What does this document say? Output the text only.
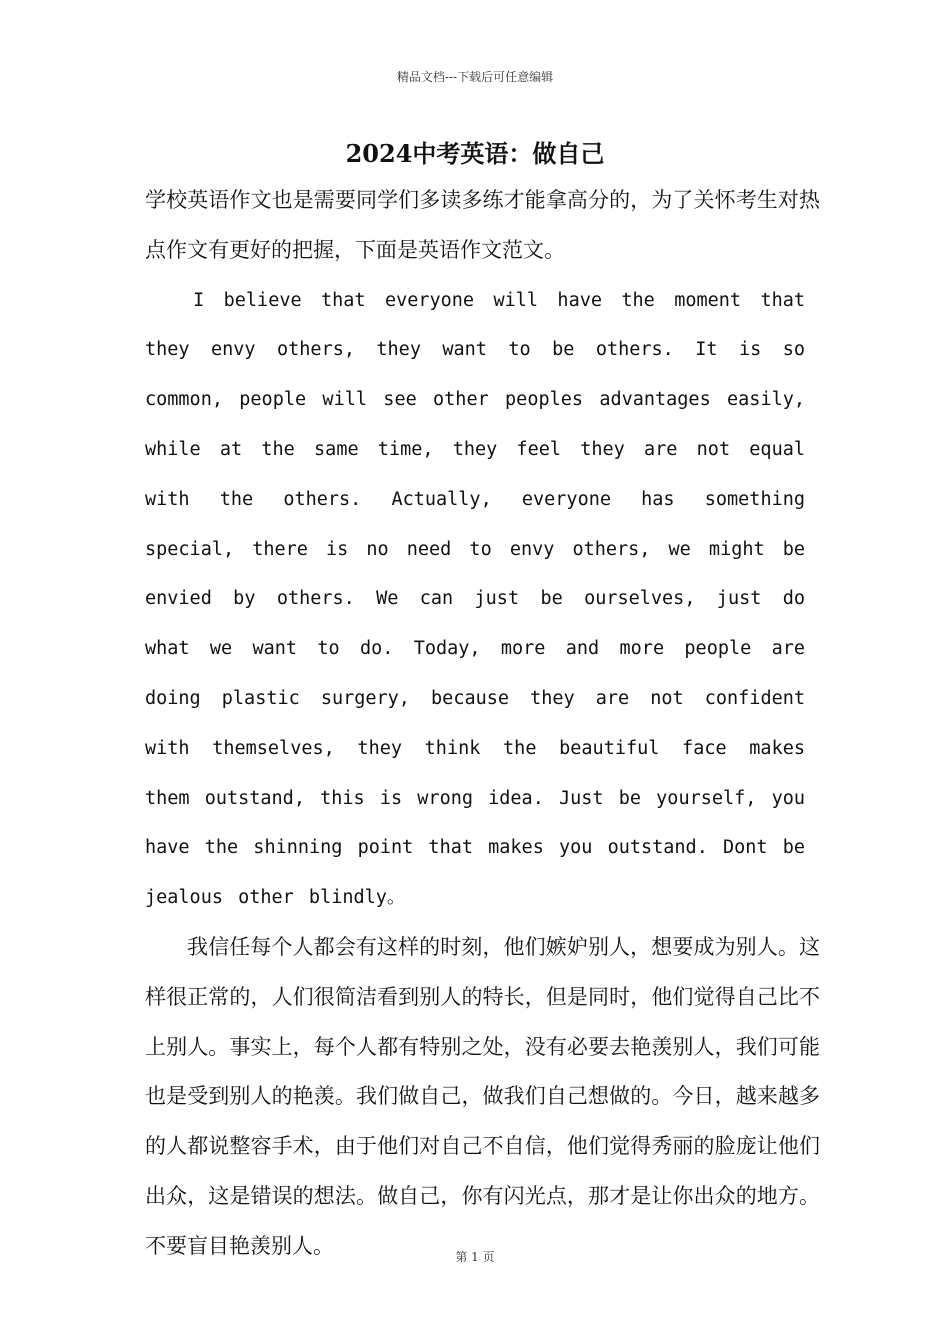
精品文档---下载后可任意编辑
2024中考英语：做自己

学校英语作文也是需要同学们多读多练才能拿高分的，为了关怀考生对热点作文有更好的把握，下面是英语作文范文。

I believe that everyone will have the moment that they envy others, they want to be others. It is so common, people will see other peoples advantages easily, while at the same time, they feel they are not equal with the others. Actually, everyone has something special, there is no need to envy others, we might be envied by others. We can just be ourselves, just do what we want to do. Today, more and more people are doing plastic surgery, because they are not confident with themselves, they think the beautiful face makes them outstand, this is wrong idea. Just be yourself, you have the shinning point that makes you outstand. Dont be jealous other blindly。

我信任每个人都会有这样的时刻，他们嫉妒别人，想要成为别人。这样很正常的，人们很简洁看到别人的特长，但是同时，他们觉得自己比不上别人。事实上，每个人都有特别之处，没有必要去艳羡别人，我们可能也是受到别人的艳羡。我们做自己，做我们自己想做的。今日，越来越多的人都说整容手术，由于他们对自己不自信，他们觉得秀丽的脸庞让他们出众，这是错误的想法。做自己，你有闪光点，那才是让你出众的地方。不要盲目艳羡别人。	第 1 页
